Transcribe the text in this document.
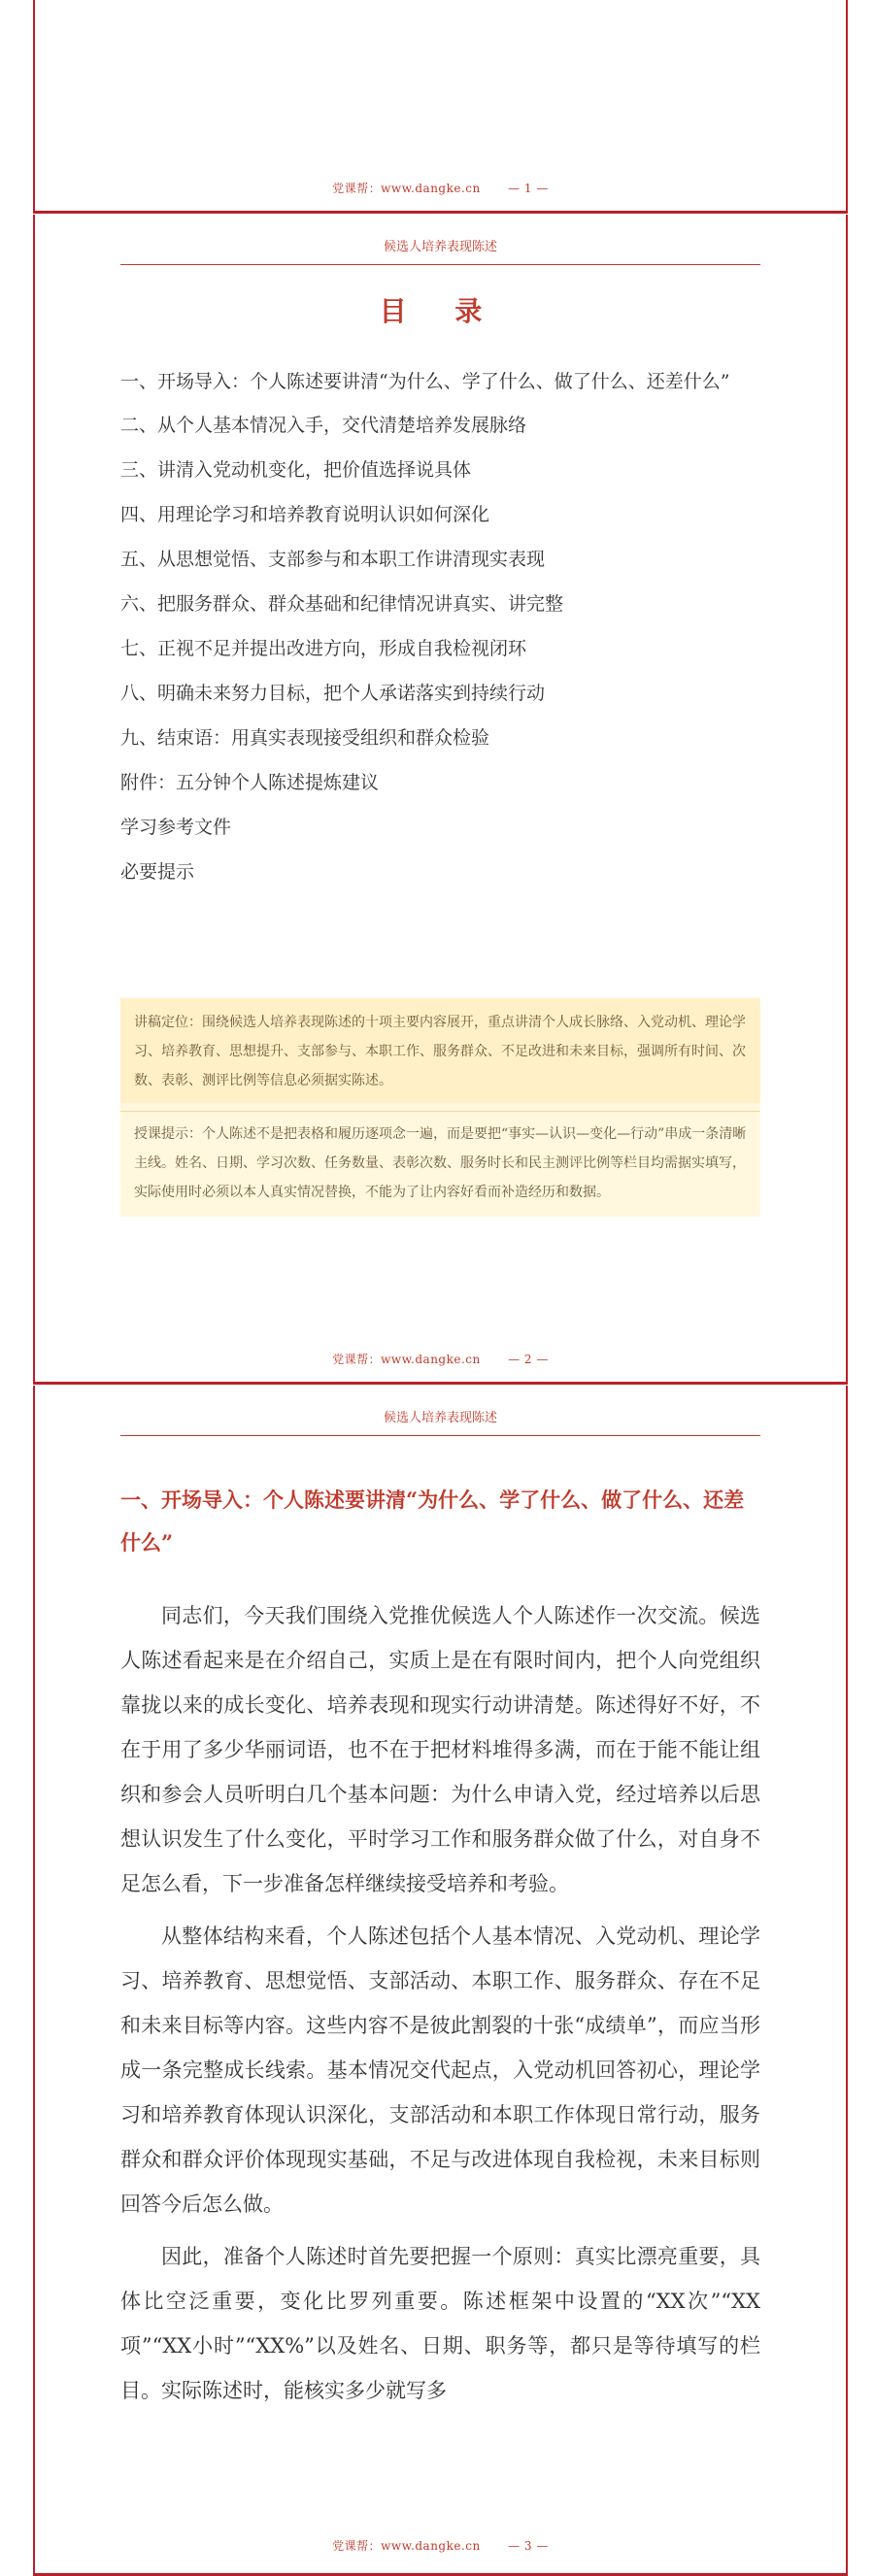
党课帮：www.dangke.cn — 1 —
候选人培养表现陈述
目 录
一、开场导入：个人陈述要讲清“为什么、学了什么、做了什么、还差什么”
二、从个人基本情况入手，交代清楚培养发展脉络
三、讲清入党动机变化，把价值选择说具体
四、用理论学习和培养教育说明认识如何深化
五、从思想觉悟、支部参与和本职工作讲清现实表现
六、把服务群众、群众基础和纪律情况讲真实、讲完整
七、正视不足并提出改进方向，形成自我检视闭环
八、明确未来努力目标，把个人承诺落实到持续行动
九、结束语：用真实表现接受组织和群众检验
附件：五分钟个人陈述提炼建议
学习参考文件
必要提示

讲稿定位：围绕候选人培养表现陈述的十项主要内容展开，重点讲清个人成长脉络、入党动机、理论学习、培养教育、思想提升、支部参与、本职工作、服务群众、不足改进和未来目标，强调所有时间、次数、表彰、测评比例等信息必须据实陈述。

授课提示：个人陈述不是把表格和履历逐项念一遍，而是要把“事实—认识—变化—行动”串成一条清晰主线。姓名、日期、学习次数、任务数量、表彰次数、服务时长和民主测评比例等栏目均需据实填写，实际使用时必须以本人真实情况替换，不能为了让内容好看而补造经历和数据。

党课帮：www.dangke.cn — 2 —
候选人培养表现陈述
一、开场导入：个人陈述要讲清“为什么、学了什么、做了什么、还差什么”

同志们，今天我们围绕入党推优候选人个人陈述作一次交流。候选人陈述看起来是在介绍自己，实质上是在有限时间内，把个人向党组织靠拢以来的成长变化、培养表现和现实行动讲清楚。陈述得好不好，不在于用了多少华丽词语，也不在于把材料堆得多满，而在于能不能让组织和参会人员听明白几个基本问题：为什么申请入党，经过培养以后思想认识发生了什么变化，平时学习工作和服务群众做了什么，对自身不足怎么看，下一步准备怎样继续接受培养和考验。

从整体结构来看，个人陈述包括个人基本情况、入党动机、理论学习、培养教育、思想觉悟、支部活动、本职工作、服务群众、存在不足和未来目标等内容。这些内容不是彼此割裂的十张“成绩单”，而应当形成一条完整成长线索。基本情况交代起点，入党动机回答初心，理论学习和培养教育体现认识深化，支部活动和本职工作体现日常行动，服务群众和群众评价体现现实基础，不足与改进体现自我检视，未来目标则回答今后怎么做。

因此，准备个人陈述时首先要把握一个原则：真实比漂亮重要，具体比空泛重要，变化比罗列重要。陈述框架中设置的“XX次”“XX项”“XX小时”“XX%”以及姓名、日期、职务等，都只是等待填写的栏目。实际陈述时，能核实多少就写多

党课帮：www.dangke.cn — 3 —
